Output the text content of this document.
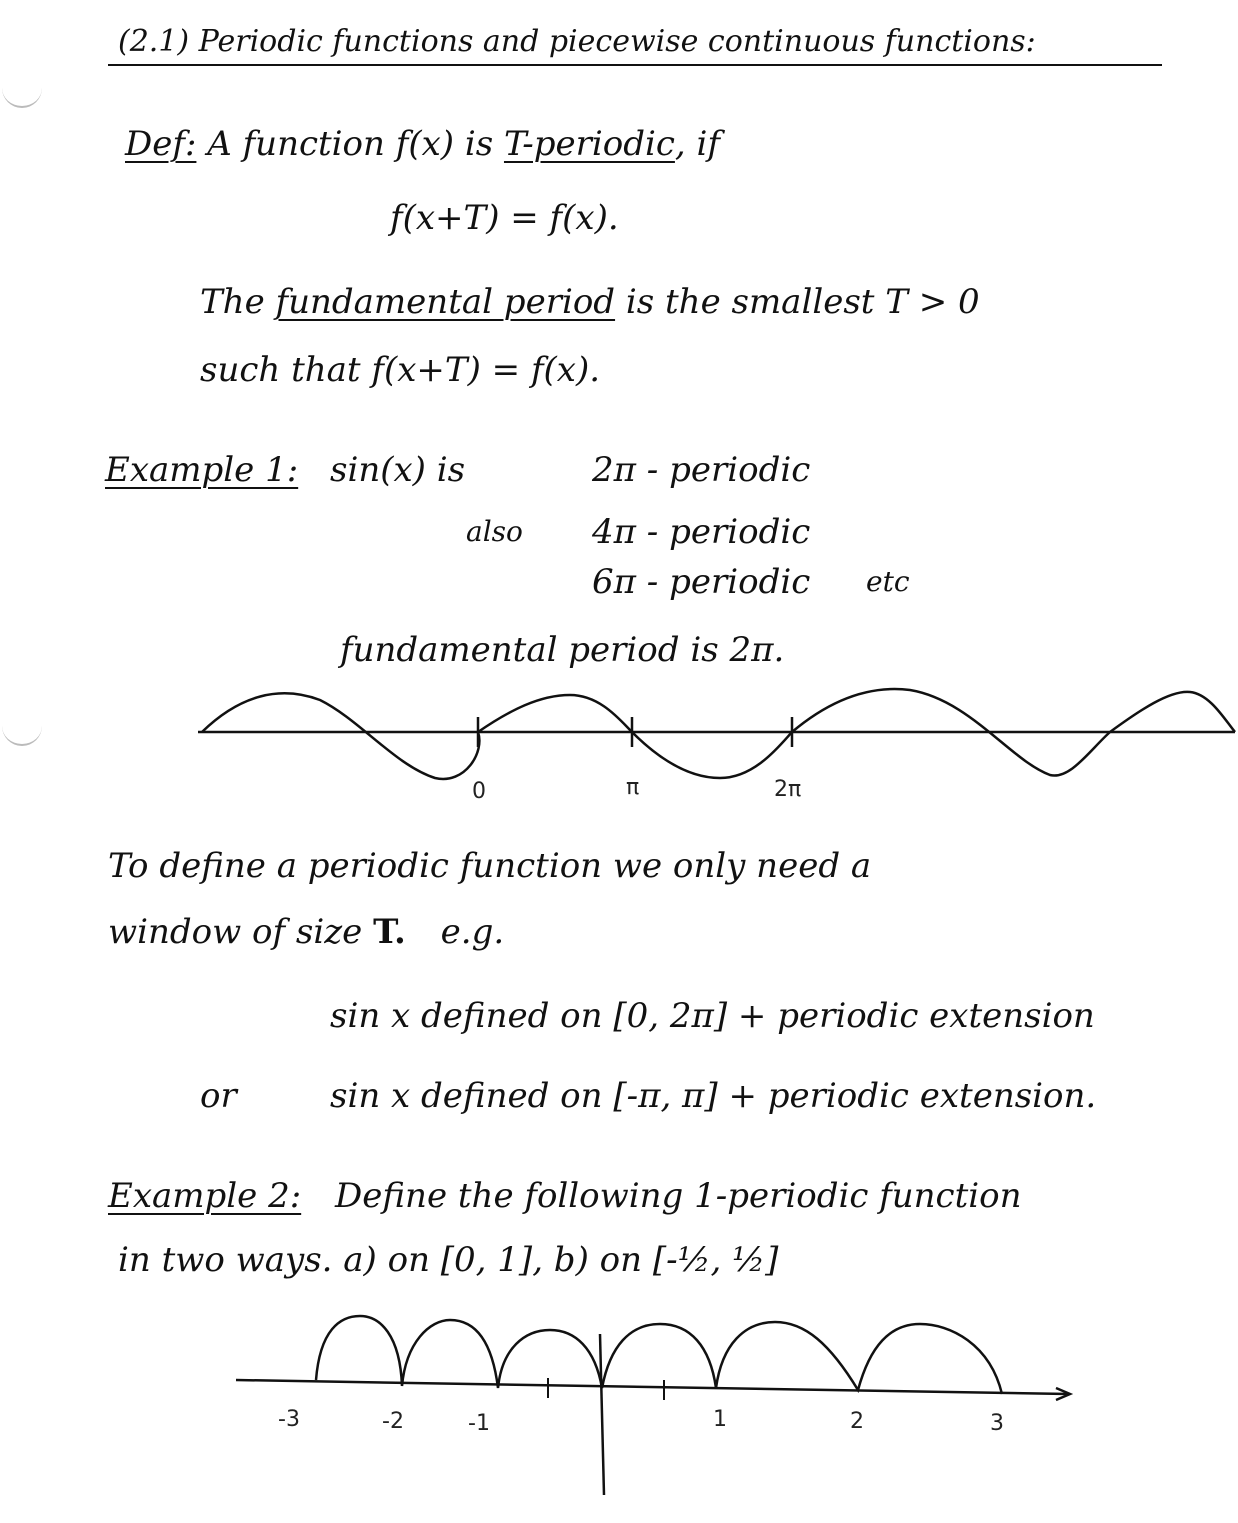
(2.1) Periodic functions and piecewise continuous functions:
Def: A function f(x) is T-periodic, if
f(x+T) = f(x).
The fundamental period is the smallest T > 0
such that f(x+T) = f(x).
Example 1: sin(x) is	2π - periodic
also 4π - periodic
6π - periodic etc
fundamental period is 2π.
0	π	2π
To define a periodic function we only need a
window of size T. e.g.
sin x defined on [0, 2π] + periodic extension
or	sin x defined on [-π, π] + periodic extension.
Example 2: Define the following 1-periodic function
in two ways. a) on [0, 1], b) on [-½, ½]
-3	-2	-1	1	2	3
